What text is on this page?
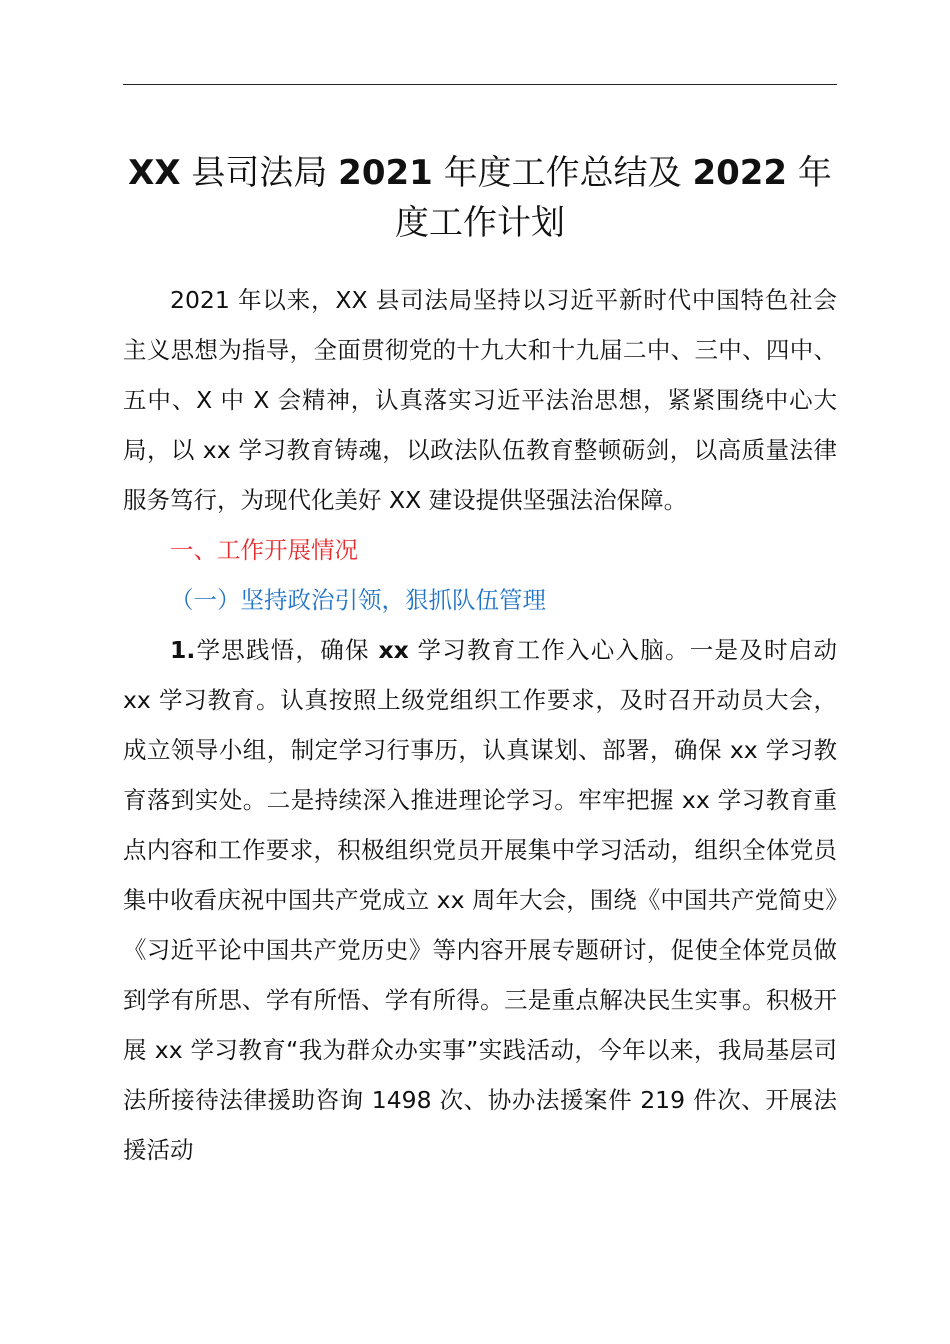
XX 县司法局 2021 年度工作总结及 2022 年
度工作计划

2021 年以来，XX 县司法局坚持以习近平新时代中国特色社会主义思想为指导，全面贯彻党的十九大和十九届二中、三中、四中、五中、X 中 X 会精神，认真落实习近平法治思想，紧紧围绕中心大局，以 xx 学习教育铸魂，以政法队伍教育整顿砺剑，以高质量法律服务笃行，为现代化美好 XX 建设提供坚强法治保障。

一、工作开展情况

（一）坚持政治引领，狠抓队伍管理

1.学思践悟，确保 xx 学习教育工作入心入脑。一是及时启动 xx 学习教育。认真按照上级党组织工作要求，及时召开动员大会，成立领导小组，制定学习行事历，认真谋划、部署，确保 xx 学习教育落到实处。二是持续深入推进理论学习。牢牢把握 xx 学习教育重点内容和工作要求，积极组织党员开展集中学习活动，组织全体党员集中收看庆祝中国共产党成立 xx 周年大会，围绕《中国共产党简史》《习近平论中国共产党历史》等内容开展专题研讨，促使全体党员做到学有所思、学有所悟、学有所得。三是重点解决民生实事。积极开展 xx 学习教育“我为群众办实事”实践活动，今年以来，我局基层司法所接待法律援助咨询 1498 次、协办法援案件 219 件次、开展法援活动
